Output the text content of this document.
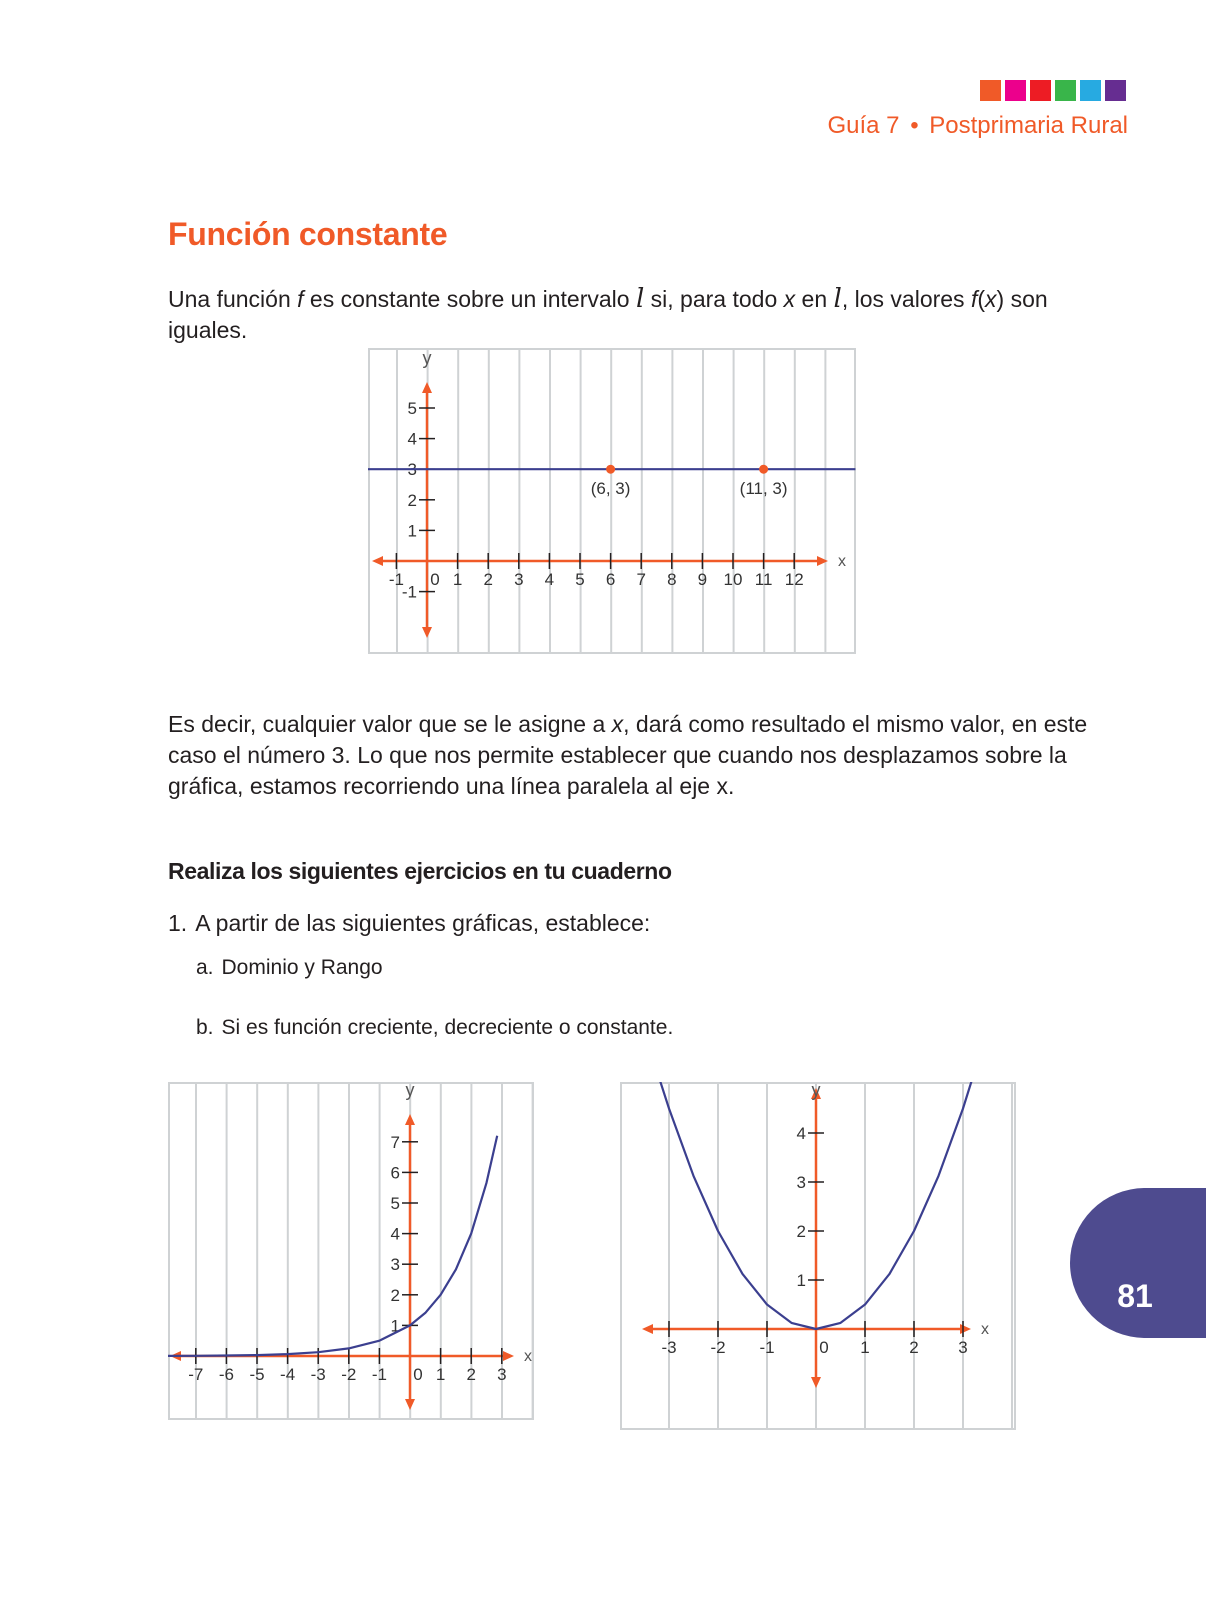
Guía 7 • Postprimaria Rural
Función constante

Una función f es constante sobre un intervalo l si, para todo x en l, los valores f(x) son iguales.

x
y
-1 0 1 2 3 4 5 6 7 8 9 10 11 12
-1
1
2
3
4
5
(6, 3)	(11, 3)

Es decir, cualquier valor que se le asigne a x, dará como resultado el mismo valor, en este caso el número 3. Lo que nos permite establecer que cuando nos desplazamos sobre la gráfica, estamos recorriendo una línea paralela al eje x.

Realiza los siguientes ejercicios en tu cuaderno

1. A partir de las siguientes gráficas, establece:

a. Dominio y Rango

b. Si es función creciente, decreciente o constante.

x
y
-7 -6 -5 -4 -3 -2 -1 0 1 2 3
1
2
3
4
5
6
7
x
y
-3 -2 -1	0 1 2 3
1
2
3
4
81
